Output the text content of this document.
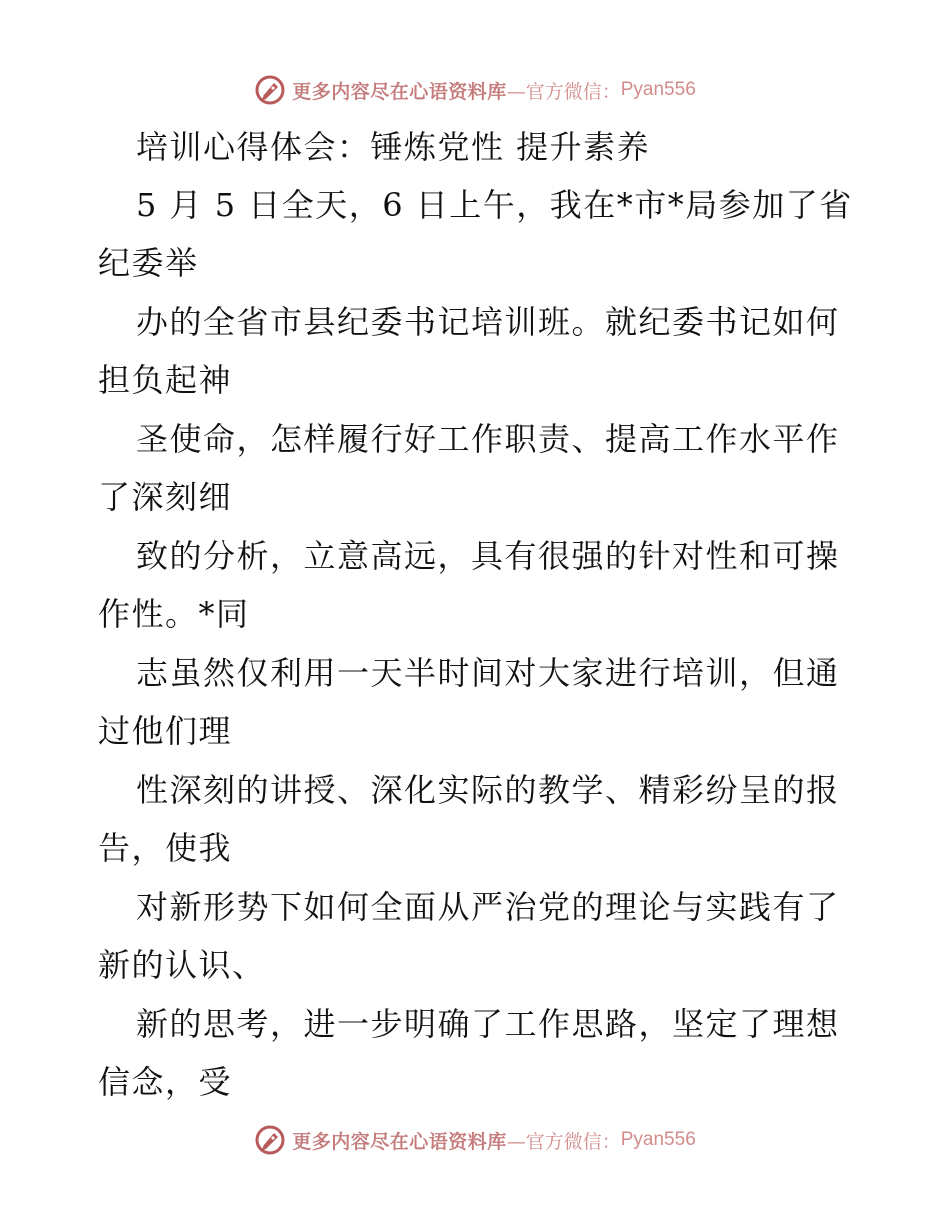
更多内容尽在心语资料库 —官方微信： Pyan556
培训心得体会：锤炼党性 提升素养
5 月 5 日全天，6 日上午，我在*市*局参加了省
纪委举
办的全省市县纪委书记培训班。就纪委书记如何
担负起神
圣使命，怎样履行好工作职责、提高工作水平作
了深刻细
致的分析，立意高远，具有很强的针对性和可操
作性。*同
志虽然仅利用一天半时间对大家进行培训，但通
过他们理
性深刻的讲授、深化实际的教学、精彩纷呈的报
告，使我
对新形势下如何全面从严治党的理论与实践有了
新的认识、
新的思考，进一步明确了工作思路，坚定了理想
信念，受
更多内容尽在心语资料库 —官方微信： Pyan556
